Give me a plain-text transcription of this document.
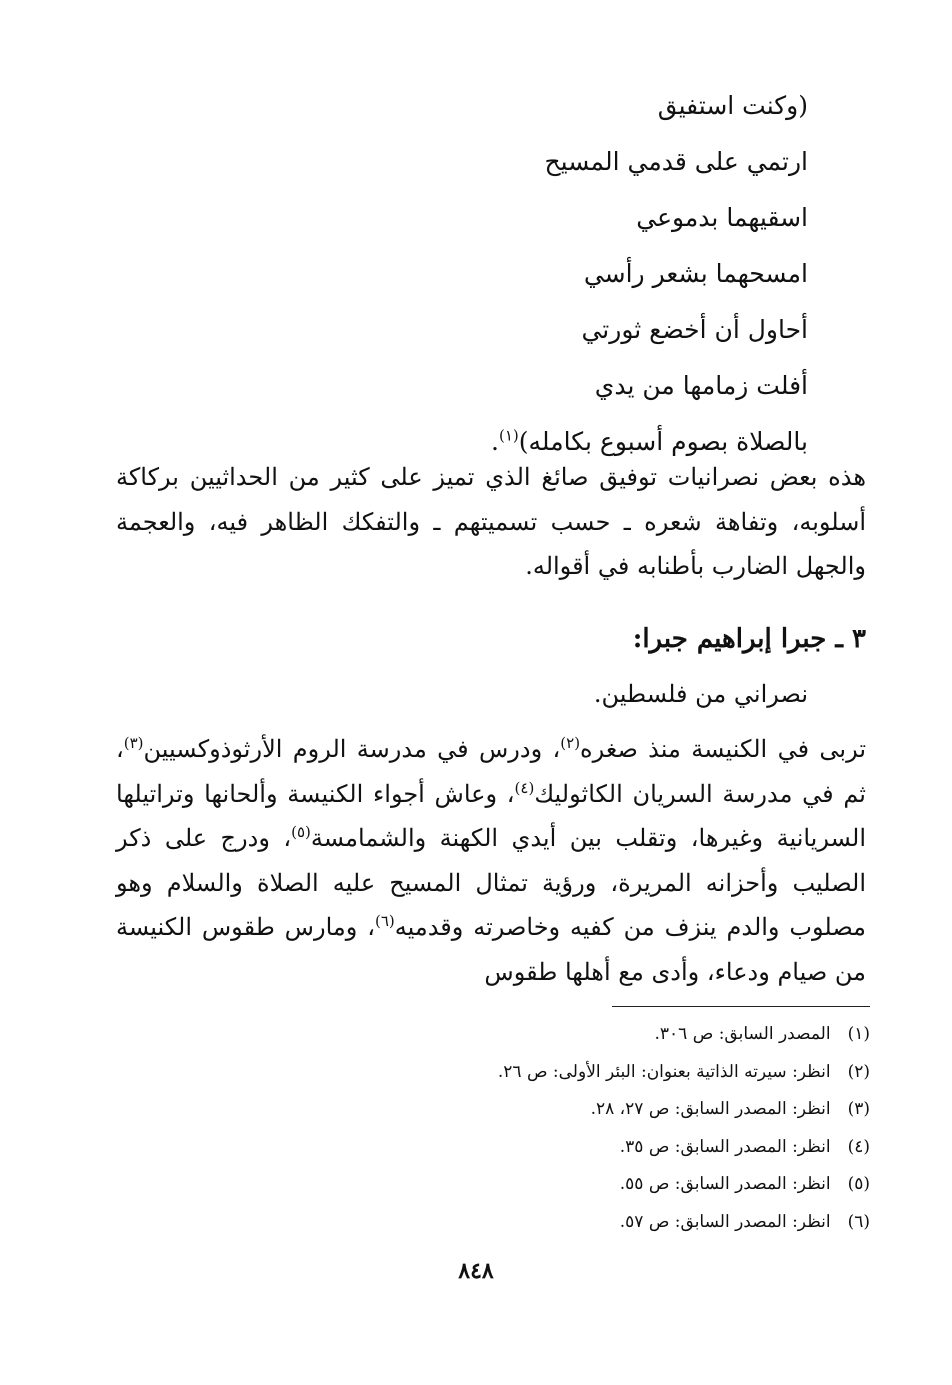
(وكنت استفيق
ارتمي على قدمي المسيح
اسقيهما بدموعي
امسحهما بشعر رأسي
أحاول أن أخضع ثورتي
أفلت زمامها من يدي
بالصلاة بصوم أسبوع بكامله)$^{(١)}$.
هذه بعض نصرانيات توفيق صائغ الذي تميز على كثير من الحداثيين بركاكة أسلوبه، وتفاهة شعره ـ حسب تسميتهم ـ والتفكك الظاهر فيه، والعجمة والجهل الضارب بأطنابه في أقواله.
٣ ـ جبرا إبراهيم جبرا:
نصراني من فلسطين.
تربى في الكنيسة منذ صغره$^{(٢)}$، ودرس في مدرسة الروم الأرثوذوكسيين$^{(٣)}$، ثم في مدرسة السريان الكاثوليك$^{(٤)}$، وعاش أجواء الكنيسة وألحانها وتراتيلها السريانية وغيرها، وتقلب بين أيدي الكهنة والشمامسة$^{(٥)}$، ودرج على ذكر الصليب وأحزانه المريرة، ورؤية تمثال المسيح عليه الصلاة والسلام وهو مصلوب والدم ينزف من كفيه وخاصرته وقدميه$^{(٦)}$، ومارس طقوس الكنيسة من صيام ودعاء، وأدى مع أهلها طقوس
(١) المصدر السابق: ص ٣٠٦.
(٢) انظر: سيرته الذاتية بعنوان: البئر الأولى: ص ٢٦.
(٣) انظر: المصدر السابق: ص ٢٧، ٢٨.
(٤) انظر: المصدر السابق: ص ٣٥.
(٥) انظر: المصدر السابق: ص ٥٥.
(٦) انظر: المصدر السابق: ص ٥٧.
٨٤٨
